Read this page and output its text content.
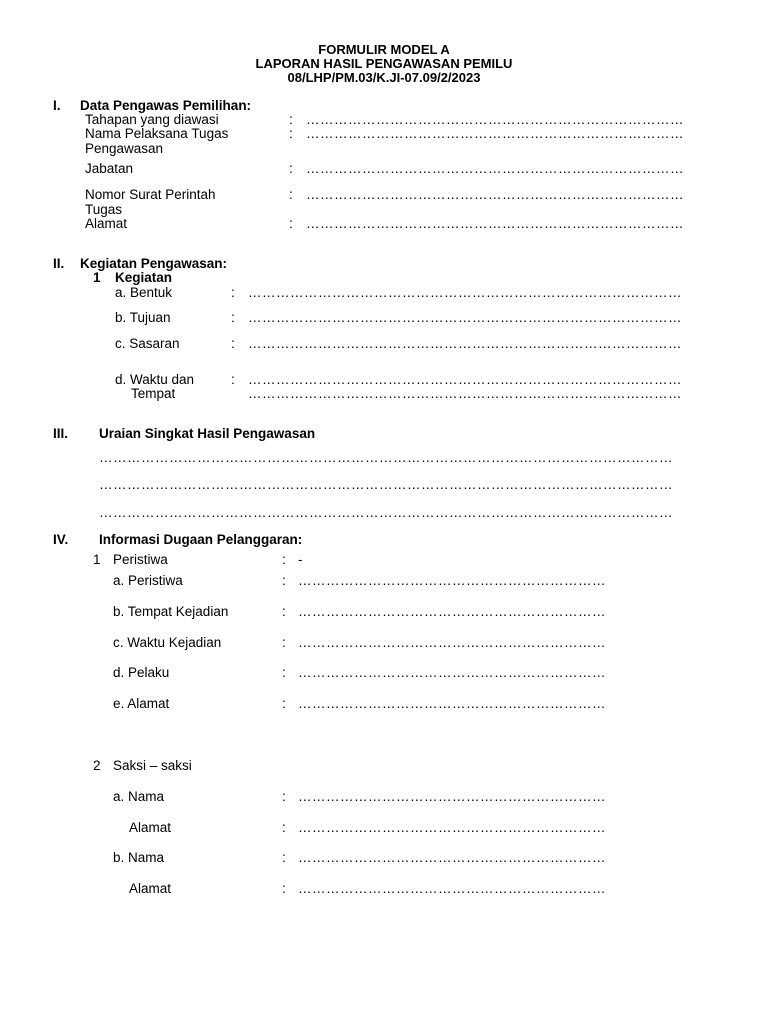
FORMULIR MODEL A
LAPORAN HASIL PENGAWASAN PEMILU
08/LHP/PM.03/K.JI-07.09/2/2023
I. Data Pengawas Pemilihan:
Tahapan yang diawasi	: ………………………………………………………………………
Nama Pelaksana Tugas
Pengawasan
: ………………………………………………………………………
Jabatan	: ………………………………………………………………………
Nomor Surat Perintah
Tugas
: ………………………………………………………………………
Alamat	: ………………………………………………………………………
II. Kegiatan Pengawasan:
1 Kegiatan
a. Bentuk	: …………………………………………………………………………………
b. Tujuan	: …………………………………………………………………………………
c. Sasaran	: …………………………………………………………………………………
d. Waktu dan
Tempat
: …………………………………………………………………………………
…………………………………………………………………………………
III. Uraian Singkat Hasil Pengawasan
……………………………………………………………………………………………………………
……………………………………………………………………………………………………………
……………………………………………………………………………………………………………
IV. Informasi Dugaan Pelanggaran:
1 Peristiwa	: -
a. Peristiwa	: …………………………………………………………
b. Tempat Kejadian	: …………………………………………………………
c. Waktu Kejadian	: …………………………………………………………
d. Pelaku	: …………………………………………………………
e. Alamat	: …………………………………………………………
2 Saksi – saksi
a. Nama	: …………………………………………………………
Alamat	: …………………………………………………………
b. Nama	: …………………………………………………………
Alamat	: …………………………………………………………
